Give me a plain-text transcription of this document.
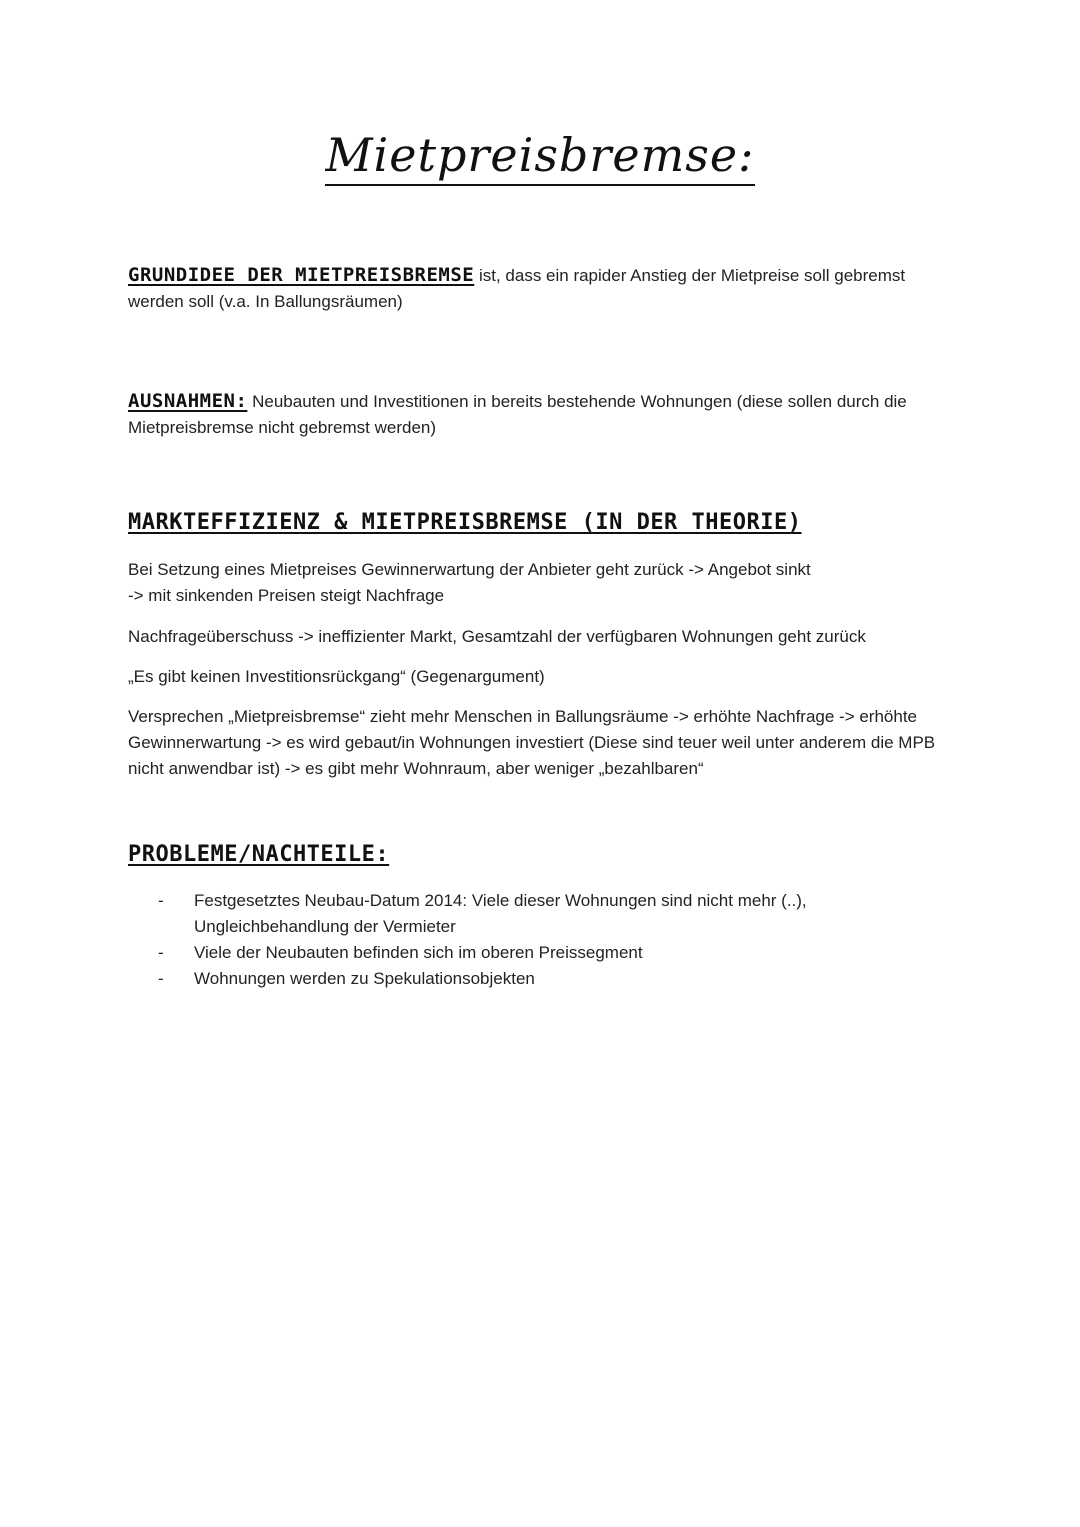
Mietpreisbremse:
GRUNDIDEE DER MIETPREISBREMSE ist, dass ein rapider Anstieg der Mietpreise soll gebremst werden soll (v.a. In Ballungsräumen)
AUSNAHMEN: Neubauten und Investitionen in bereits bestehende Wohnungen (diese sollen durch die Mietpreisbremse nicht gebremst werden)
MARKTEFFIZIENZ & MIETPREISBREMSE (IN DER THEORIE)
Bei Setzung eines Mietpreises Gewinnerwartung der Anbieter geht zurück -> Angebot sinkt
-> mit sinkenden Preisen steigt Nachfrage
Nachfrageüberschuss -> ineffizienter Markt, Gesamtzahl der verfügbaren Wohnungen geht zurück
„Es gibt keinen Investitionsrückgang“ (Gegenargument)
Versprechen „Mietpreisbremse“ zieht mehr Menschen in Ballungsräume -> erhöhte Nachfrage -> erhöhte Gewinnerwartung -> es wird gebaut/in Wohnungen investiert (Diese sind teuer weil unter anderem die MPB nicht anwendbar ist) -> es gibt mehr Wohnraum, aber weniger „bezahlbaren“
PROBLEME/NACHTEILE:
- Festgesetztes Neubau-Datum 2014: Viele dieser Wohnungen sind nicht mehr (..), Ungleichbehandlung der Vermieter
- Viele der Neubauten befinden sich im oberen Preissegment
- Wohnungen werden zu Spekulationsobjekten
